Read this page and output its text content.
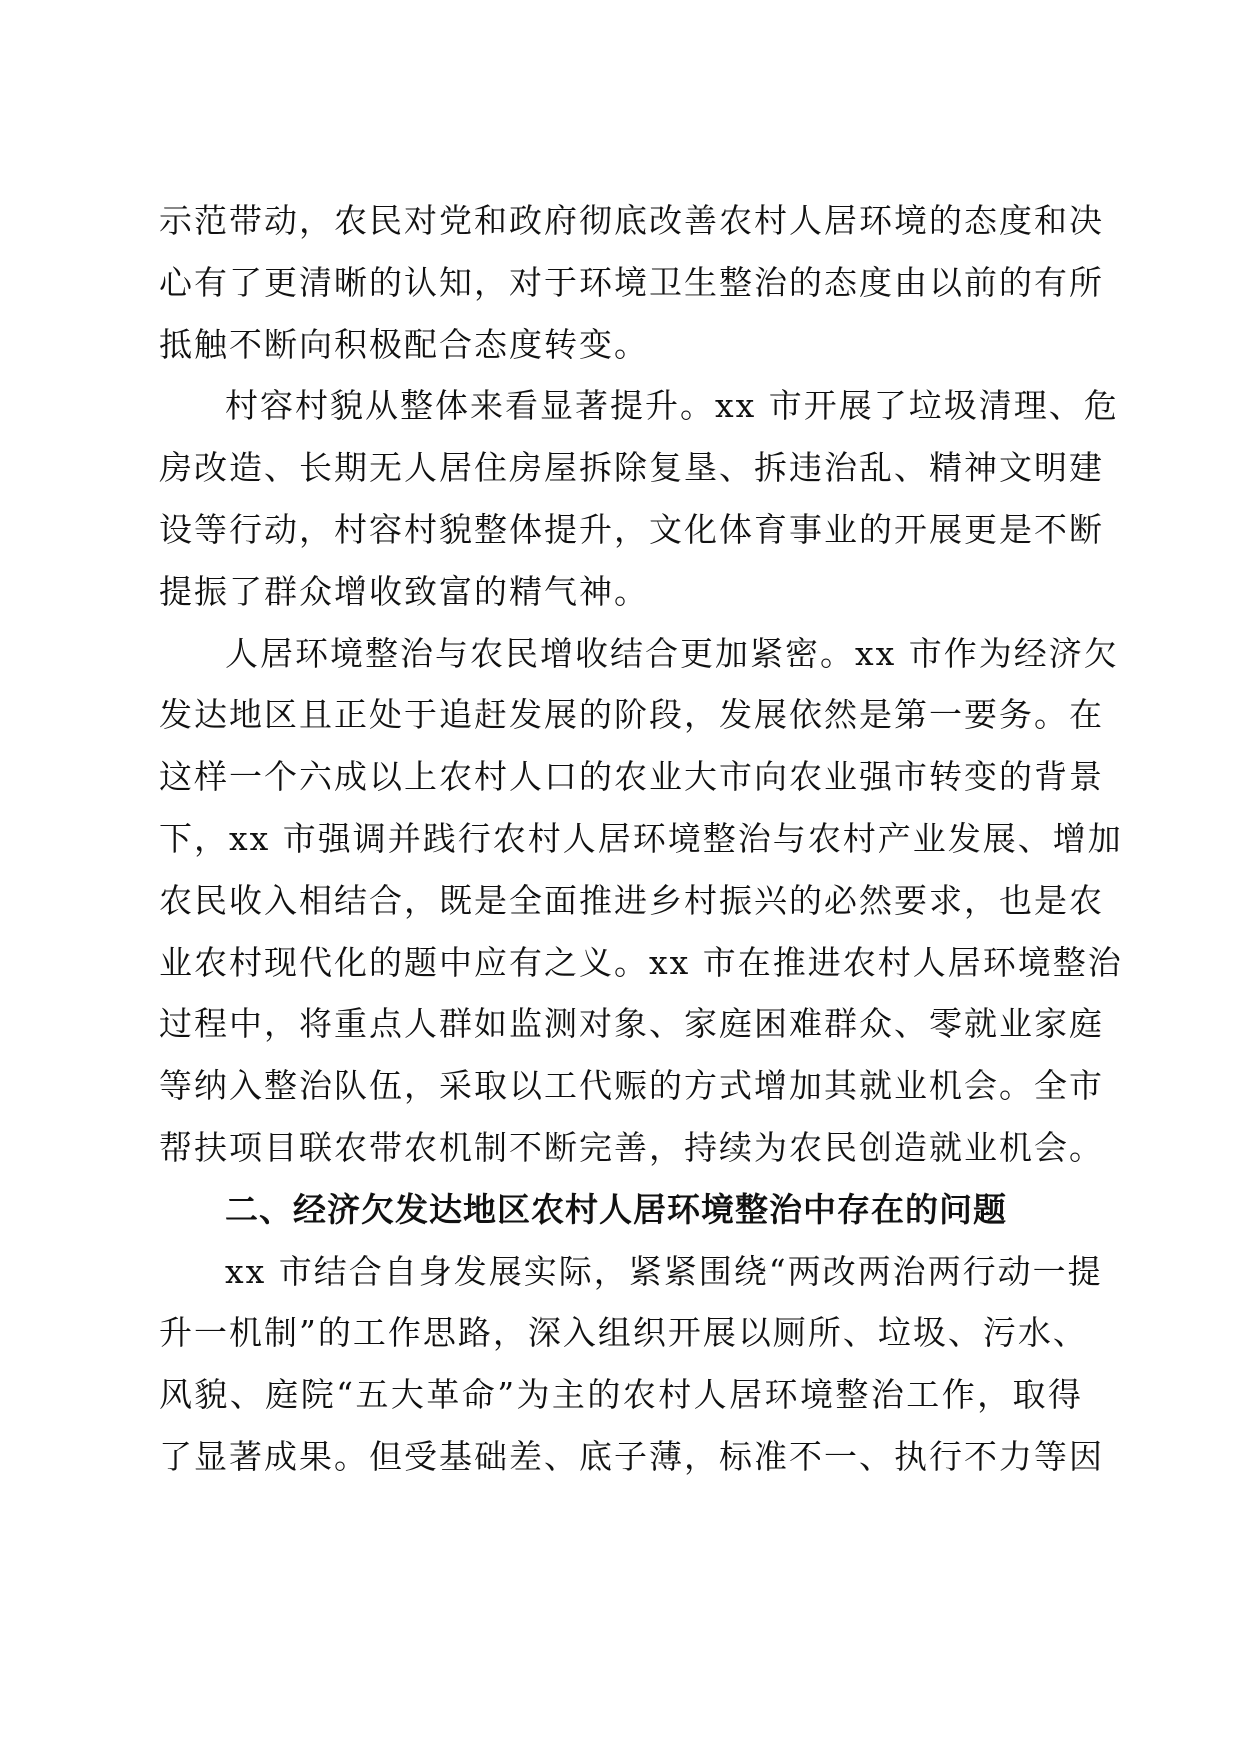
示范带动，农民对党和政府彻底改善农村人居环境的态度和决
心有了更清晰的认知，对于环境卫生整治的态度由以前的有所
抵触不断向积极配合态度转变。
村容村貌从整体来看显著提升。xx 市开展了垃圾清理、危
房改造、长期无人居住房屋拆除复垦、拆违治乱、精神文明建
设等行动，村容村貌整体提升，文化体育事业的开展更是不断
提振了群众增收致富的精气神。
人居环境整治与农民增收结合更加紧密。xx 市作为经济欠
发达地区且正处于追赶发展的阶段，发展依然是第一要务。在
这样一个六成以上农村人口的农业大市向农业强市转变的背景
下，xx 市强调并践行农村人居环境整治与农村产业发展、增加
农民收入相结合，既是全面推进乡村振兴的必然要求，也是农
业农村现代化的题中应有之义。xx 市在推进农村人居环境整治
过程中，将重点人群如监测对象、家庭困难群众、零就业家庭
等纳入整治队伍，采取以工代赈的方式增加其就业机会。全市
帮扶项目联农带农机制不断完善，持续为农民创造就业机会。
二、经济欠发达地区农村人居环境整治中存在的问题
xx 市结合自身发展实际，紧紧围绕“两改两治两行动一提
升一机制”的工作思路，深入组织开展以厕所、垃圾、污水、
风貌、庭院“五大革命”为主的农村人居环境整治工作，取得
了显著成果。但受基础差、底子薄，标准不一、执行不力等因
